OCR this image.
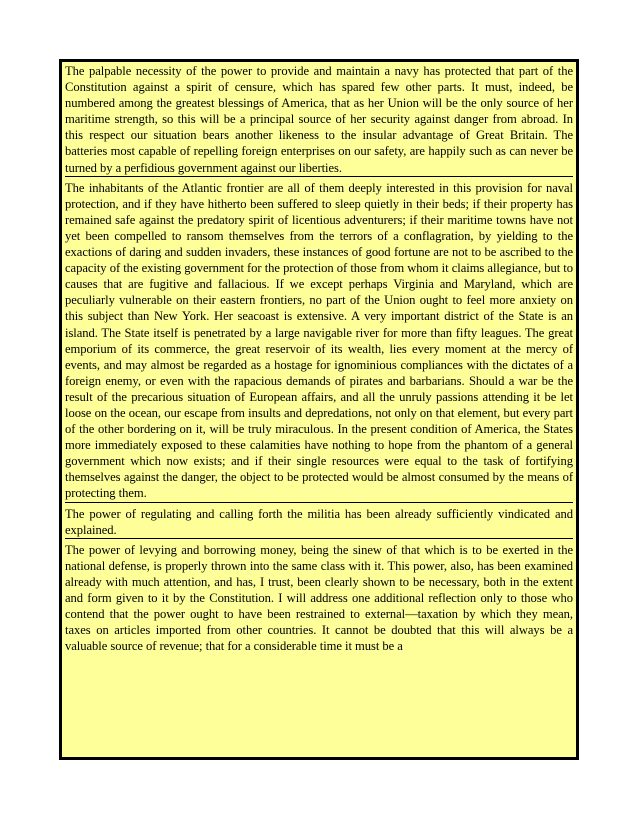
The palpable necessity of the power to provide and maintain a navy has protected that part of the Constitution against a spirit of censure, which has spared few other parts. It must, indeed, be numbered among the greatest blessings of America, that as her Union will be the only source of her maritime strength, so this will be a principal source of her security against danger from abroad. In this respect our situation bears another likeness to the insular advantage of Great Britain. The batteries most capable of repelling foreign enterprises on our safety, are happily such as can never be turned by a perfidious government against our liberties.

The inhabitants of the Atlantic frontier are all of them deeply interested in this provision for naval protection, and if they have hitherto been suffered to sleep quietly in their beds; if their property has remained safe against the predatory spirit of licentious adventurers; if their maritime towns have not yet been compelled to ransom themselves from the terrors of a conflagration, by yielding to the exactions of daring and sudden invaders, these instances of good fortune are not to be ascribed to the capacity of the existing government for the protection of those from whom it claims allegiance, but to causes that are fugitive and fallacious. If we except perhaps Virginia and Maryland, which are peculiarly vulnerable on their eastern frontiers, no part of the Union ought to feel more anxiety on this subject than New York. Her seacoast is extensive. A very important district of the State is an island. The State itself is penetrated by a large navigable river for more than fifty leagues. The great emporium of its commerce, the great reservoir of its wealth, lies every moment at the mercy of events, and may almost be regarded as a hostage for ignominious compliances with the dictates of a foreign enemy, or even with the rapacious demands of pirates and barbarians. Should a war be the result of the precarious situation of European affairs, and all the unruly passions attending it be let loose on the ocean, our escape from insults and depredations, not only on that element, but every part of the other bordering on it, will be truly miraculous. In the present condition of America, the States more immediately exposed to these calamities have nothing to hope from the phantom of a general government which now exists; and if their single resources were equal to the task of fortifying themselves against the danger, the object to be protected would be almost consumed by the means of protecting them.

The power of regulating and calling forth the militia has been already sufficiently vindicated and explained.

The power of levying and borrowing money, being the sinew of that which is to be exerted in the national defense, is properly thrown into the same class with it. This power, also, has been examined already with much attention, and has, I trust, been clearly shown to be necessary, both in the extent and form given to it by the Constitution. I will address one additional reflection only to those who contend that the power ought to have been restrained to external—taxation by which they mean, taxes on articles imported from other countries. It cannot be doubted that this will always be a valuable source of revenue; that for a considerable time it must be a
